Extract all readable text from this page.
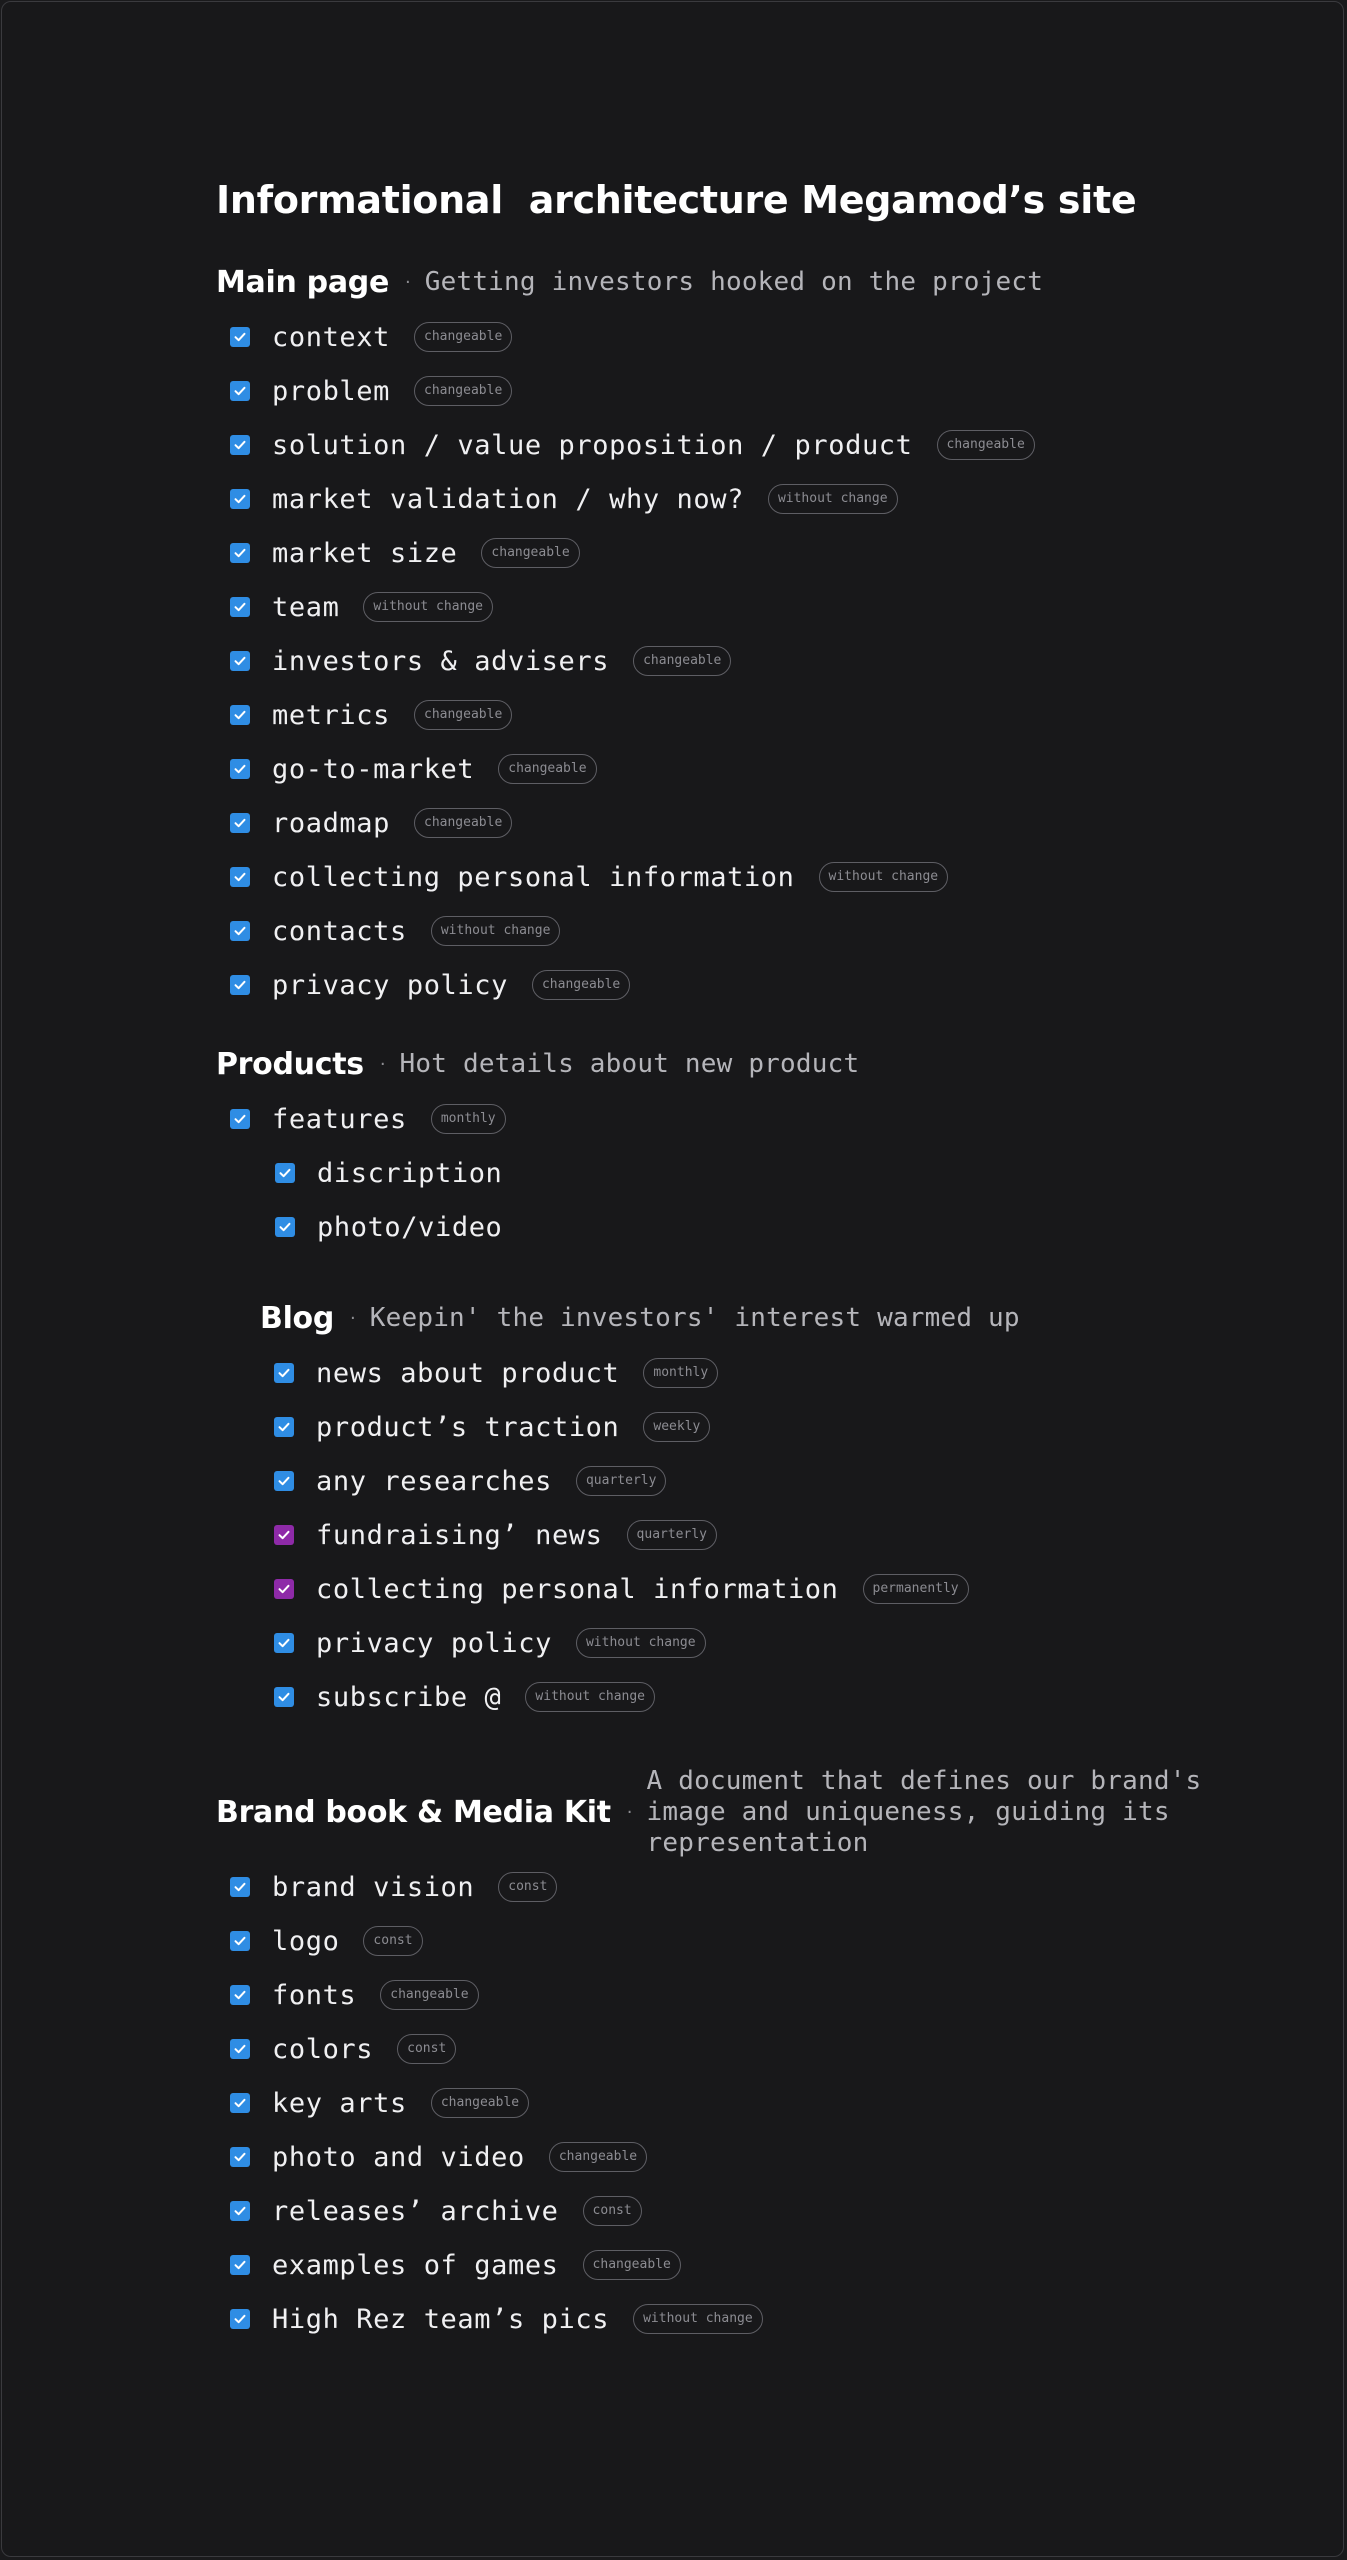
Informational  architecture Megamod’s site
Main page · Getting investors hooked on the project
context	changeable
problem	changeable
solution / value proposition / product	changeable
market validation / why now?	without change
market size	changeable
team	without change
investors & advisers	changeable
metrics	changeable
go-to-market	changeable
roadmap	changeable
collecting personal information	without change
contacts	without change
privacy policy	changeable
Products · Hot details about new product
features	monthly
discription
photo/video
Blog · Keepin' the investors' interest warmed up
news about product	monthly
product’s traction	weekly
any researches	quarterly
fundraising’ news	quarterly
collecting personal information	permanently
privacy policy	without change
subscribe @	without change
Brand book & Media Kit ·
A document that defines our brand's
image and uniqueness, guiding its
representation
brand vision	const
logo	const
fonts	changeable
colors	const
key arts	changeable
photo and video	changeable
releases’ archive	const
examples of games	changeable
High Rez team’s pics	without change
